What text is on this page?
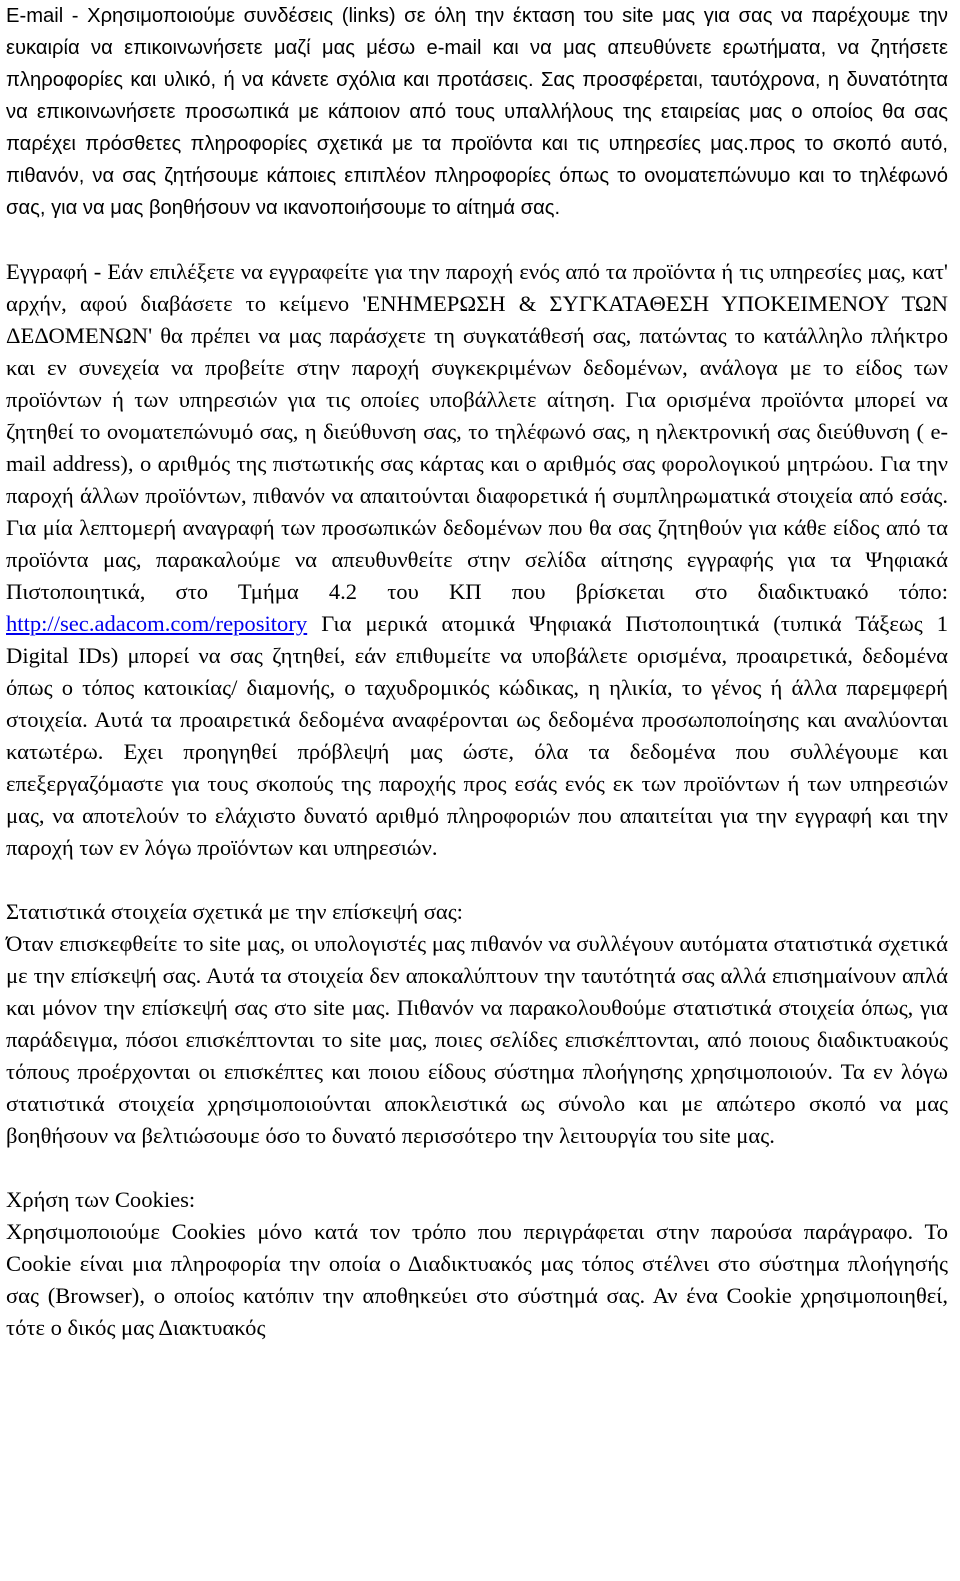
E-mail - Χρησιμοποιούμε συνδέσεις (links) σε όλη την έκταση του site μας για σας να παρέχουμε την ευκαιρία να επικοινωνήσετε μαζί μας μέσω e-mail και να μας απευθύνετε ερωτήματα, να ζητήσετε πληροφορίες και υλικό, ή να κάνετε σχόλια και προτάσεις. Σας προσφέρεται, ταυτόχρονα, η δυνατότητα να επικοινωνήσετε προσωπικά με κάποιον από τους υπαλλήλους της εταιρείας μας ο οποίος θα σας παρέχει πρόσθετες πληροφορίες σχετικά με τα προϊόντα και τις υπηρεσίες μας.προς το σκοπό αυτό, πιθανόν, να σας ζητήσουμε κάποιες επιπλέον πληροφορίες όπως το ονοματεπώνυμο και το τηλέφωνό σας, για να μας βοηθήσουν να ικανοποιήσουμε το αίτημά σας.

Εγγραφή - Εάν επιλέξετε να εγγραφείτε για την παροχή ενός από τα προϊόντα ή τις υπηρεσίες μας, κατ' αρχήν, αφού διαβάσετε το κείμενο 'ΕΝΗΜΕΡΩΣΗ & ΣΥΓΚΑΤΑΘΕΣΗ ΥΠΟΚΕΙΜΕΝΟΥ ΤΩΝ ΔΕΔΟΜΕΝΩΝ' θα πρέπει να μας παράσχετε τη συγκατάθεσή σας, πατώντας το κατάλληλο πλήκτρο και εν συνεχεία να προβείτε στην παροχή συγκεκριμένων δεδομένων, ανάλογα με το είδος των προϊόντων ή των υπηρεσιών για τις οποίες υποβάλλετε αίτηση. Για ορισμένα προϊόντα μπορεί να ζητηθεί το ονοματεπώνυμό σας, η διεύθυνση σας, το τηλέφωνό σας, η ηλεκτρονική σας διεύθυνση ( e-mail address), ο αριθμός της πιστωτικής σας κάρτας και ο αριθμός σας φορολογικού μητρώου. Για την παροχή άλλων προϊόντων, πιθανόν να απαιτούνται διαφορετικά ή συμπληρωματικά στοιχεία από εσάς. Για μία λεπτομερή αναγραφή των προσωπικών δεδομένων που θα σας ζητηθούν για κάθε είδος από τα προϊόντα μας, παρακαλούμε να απευθυνθείτε στην σελίδα αίτησης εγγραφής για τα Ψηφιακά Πιστοποιητικά, στο Τμήμα 4.2 του ΚΠ που βρίσκεται στο διαδικτυακό τόπο: http://sec.adacom.com/repository Για μερικά ατομικά Ψηφιακά Πιστοποιητικά (τυπικά Τάξεως 1 Digital IDs) μπορεί να σας ζητηθεί, εάν επιθυμείτε να υποβάλετε ορισμένα, προαιρετικά, δεδομένα όπως ο τόπος κατοικίας/ διαμονής, ο ταχυδρομικός κώδικας, η ηλικία, το γένος ή άλλα παρεμφερή στοιχεία. Αυτά τα προαιρετικά δεδομένα αναφέρονται ως δεδομένα προσωποποίησης και αναλύονται κατωτέρω. Εχει προηγηθεί πρόβλεψή μας ώστε, όλα τα δεδομένα που συλλέγουμε και επεξεργαζόμαστε για τους σκοπούς της παροχής προς εσάς ενός εκ των προϊόντων ή των υπηρεσιών μας, να αποτελούν το ελάχιστο δυνατό αριθμό πληροφοριών που απαιτείται για την εγγραφή και την παροχή των εν λόγω προϊόντων και υπηρεσιών.

Στατιστικά στοιχεία σχετικά με την επίσκεψή σας:

Όταν επισκεφθείτε το site μας, οι υπολογιστές μας πιθανόν να συλλέγουν αυτόματα στατιστικά σχετικά με την επίσκεψή σας. Αυτά τα στοιχεία δεν αποκαλύπτουν την ταυτότητά σας αλλά επισημαίνουν απλά και μόνον την επίσκεψή σας στο site μας. Πιθανόν να παρακολουθούμε στατιστικά στοιχεία όπως, για παράδειγμα, πόσοι επισκέπτονται το site μας, ποιες σελίδες επισκέπτονται, από ποιους διαδικτυακούς τόπους προέρχονται οι επισκέπτες και ποιου είδους σύστημα πλοήγησης χρησιμοποιούν. Τα εν λόγω στατιστικά στοιχεία χρησιμοποιούνται αποκλειστικά ως σύνολο και με απώτερο σκοπό να μας βοηθήσουν να βελτιώσουμε όσο το δυνατό περισσότερο την λειτουργία του site μας.

Χρήση των Cookies:

Χρησιμοποιούμε Cookies μόνο κατά τον τρόπο που περιγράφεται στην παρούσα παράγραφο. Το Cookie είναι μια πληροφορία την οποία ο Διαδικτυακός μας τόπος στέλνει στο σύστημα πλοήγησής σας (Browser), ο οποίος κατόπιν την αποθηκεύει στο σύστημά σας. Αν ένα Cookie χρησιμοποιηθεί, τότε ο δικός μας Διακτυακός
